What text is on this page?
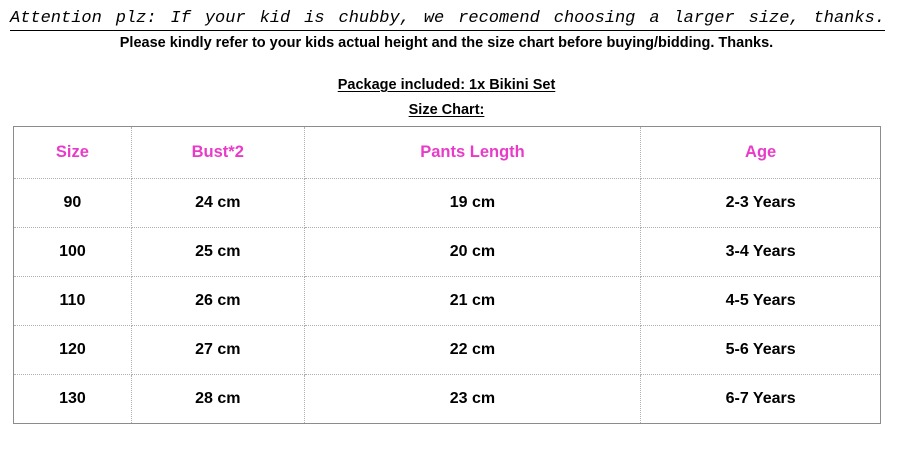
Attention plz: If your kid is chubby, we recomend choosing a larger size, thanks.
Please kindly refer to your kids actual height and the size chart before buying/bidding. Thanks.
Package included: 1x Bikini Set
Size Chart:
Size	Bust*2	Pants Length	Age
90	24 cm	19 cm	2-3 Years
100	25 cm	20 cm	3-4 Years
110	26 cm	21 cm	4-5 Years
120	27 cm	22 cm	5-6 Years
130	28 cm	23 cm	6-7 Years
